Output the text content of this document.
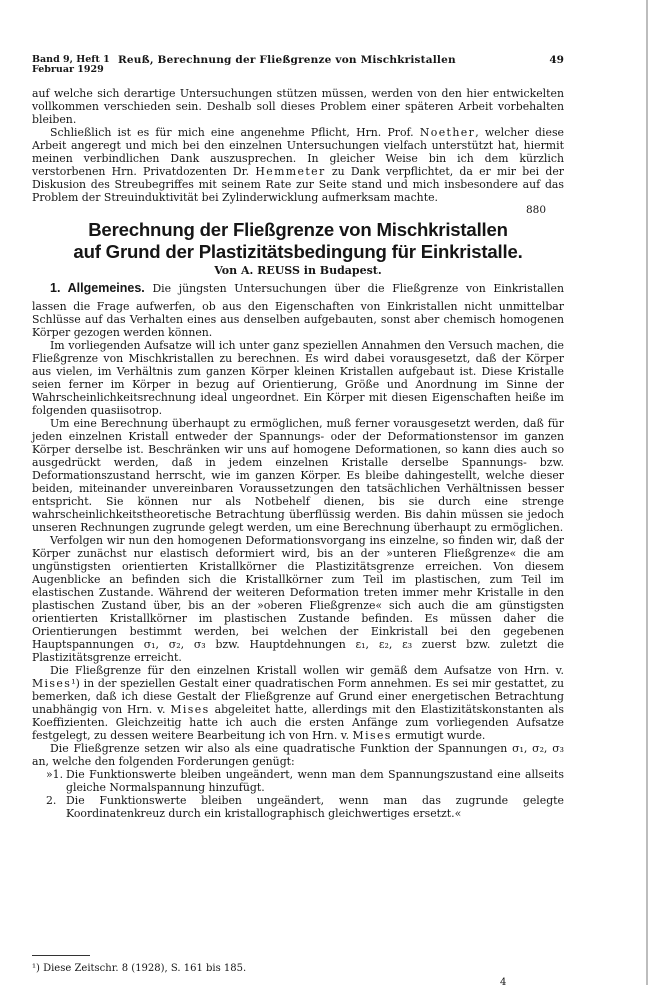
Band 9, Heft 1
Februar 1929
Reuß, Berechnung der Fließgrenze von Mischkristallen	49

auf welche sich derartige Untersuchungen stützen müssen, werden von den hier entwickelten vollkommen verschieden sein. Deshalb soll dieses Problem einer späteren Arbeit vorbehalten bleiben.

Schließlich ist es für mich eine angenehme Pflicht, Hrn. Prof. Noether, welcher diese Arbeit angeregt und mich bei den einzelnen Untersuchungen vielfach unterstützt hat, hiermit meinen verbindlichen Dank auszusprechen. In gleicher Weise bin ich dem kürzlich verstorbenen Hrn. Privatdozenten Dr. Hemmeter zu Dank verpflichtet, da er mir bei der Diskusion des Streubegriffes mit seinem Rate zur Seite stand und mich insbesondere auf das Problem der Streuinduktivität bei Zylinderwicklung aufmerksam machte.

880
Berechnung der Fließgrenze von Mischkristallen
auf Grund der Plastizitätsbedingung für Einkristalle.
Von A. REUSS in Budapest.

1. Allgemeines. Die jüngsten Untersuchungen über die Fließgrenze von Einkristallen lassen die Frage aufwerfen, ob aus den Eigenschaften von Einkristallen nicht unmittelbar Schlüsse auf das Verhalten eines aus denselben aufgebauten, sonst aber chemisch homogenen Körper gezogen werden können.

Im vorliegenden Aufsatze will ich unter ganz speziellen Annahmen den Versuch machen, die Fließgrenze von Mischkristallen zu berechnen. Es wird dabei vorausgesetzt, daß der Körper aus vielen, im Verhältnis zum ganzen Körper kleinen Kristallen aufgebaut ist. Diese Kristalle seien ferner im Körper in bezug auf Orientierung, Größe und Anordnung im Sinne der Wahrscheinlichkeitsrechnung ideal ungeordnet. Ein Körper mit diesen Eigenschaften heiße im folgenden quasiisotrop.

Um eine Berechnung überhaupt zu ermöglichen, muß ferner vorausgesetzt werden, daß für jeden einzelnen Kristall entweder der Spannungs- oder der Deformationstensor im ganzen Körper derselbe ist. Beschränken wir uns auf homogene Deformationen, so kann dies auch so ausgedrückt werden, daß in jedem einzelnen Kristalle derselbe Spannungs- bzw. Deformationszustand herrscht, wie im ganzen Körper. Es bleibe dahingestellt, welche dieser beiden, miteinander unvereinbaren Voraussetzungen den tatsächlichen Verhältnissen besser entspricht. Sie können nur als Notbehelf dienen, bis sie durch eine strenge wahrscheinlichkeitstheoretische Betrachtung überflüssig werden. Bis dahin müssen sie jedoch unseren Rechnungen zugrunde gelegt werden, um eine Berechnung überhaupt zu ermöglichen.

Verfolgen wir nun den homogenen Deformationsvorgang ins einzelne, so finden wir, daß der Körper zunächst nur elastisch deformiert wird, bis an der »unteren Fließgrenze« die am ungünstigsten orientierten Kristallkörner die Plastizitätsgrenze erreichen. Von diesem Augenblicke an befinden sich die Kristallkörner zum Teil im plastischen, zum Teil im elastischen Zustande. Während der weiteren Deformation treten immer mehr Kristalle in den plastischen Zustand über, bis an der »oberen Fließgrenze« sich auch die am günstigsten orientierten Kristallkörner im plastischen Zustande befinden. Es müssen daher die Orientierungen bestimmt werden, bei welchen der Einkristall bei den gegebenen Hauptspannungen σ₁, σ₂, σ₃ bzw. Hauptdehnungen ε₁, ε₂, ε₃ zuerst bzw. zuletzt die Plastizitätsgrenze erreicht.

Die Fließgrenze für den einzelnen Kristall wollen wir gemäß dem Aufsatze von Hrn. v. Mises¹) in der speziellen Gestalt einer quadratischen Form annehmen. Es sei mir gestattet, zu bemerken, daß ich diese Gestalt der Fließgrenze auf Grund einer energetischen Betrachtung unabhängig von Hrn. v. Mises abgeleitet hatte, allerdings mit den Elastizitätskonstanten als Koeffizienten. Gleichzeitig hatte ich auch die ersten Anfänge zum vorliegenden Aufsatze festgelegt, zu dessen weitere Bearbeitung ich von Hrn. v. Mises ermutigt wurde.

Die Fließgrenze setzen wir also als eine quadratische Funktion der Spannungen σ₁, σ₂, σ₃ an, welche den folgenden Forderungen genügt:

»1. Die Funktionswerte bleiben ungeändert, wenn man dem Spannungszustand eine allseits gleiche Normalspannung hinzufügt.
2. Die Funktionswerte bleiben ungeändert, wenn man das zugrunde gelegte Koordinatenkreuz durch ein kristallographisch gleichwertiges ersetzt.«
¹) Diese Zeitschr. 8 (1928), S. 161 bis 185.
4
